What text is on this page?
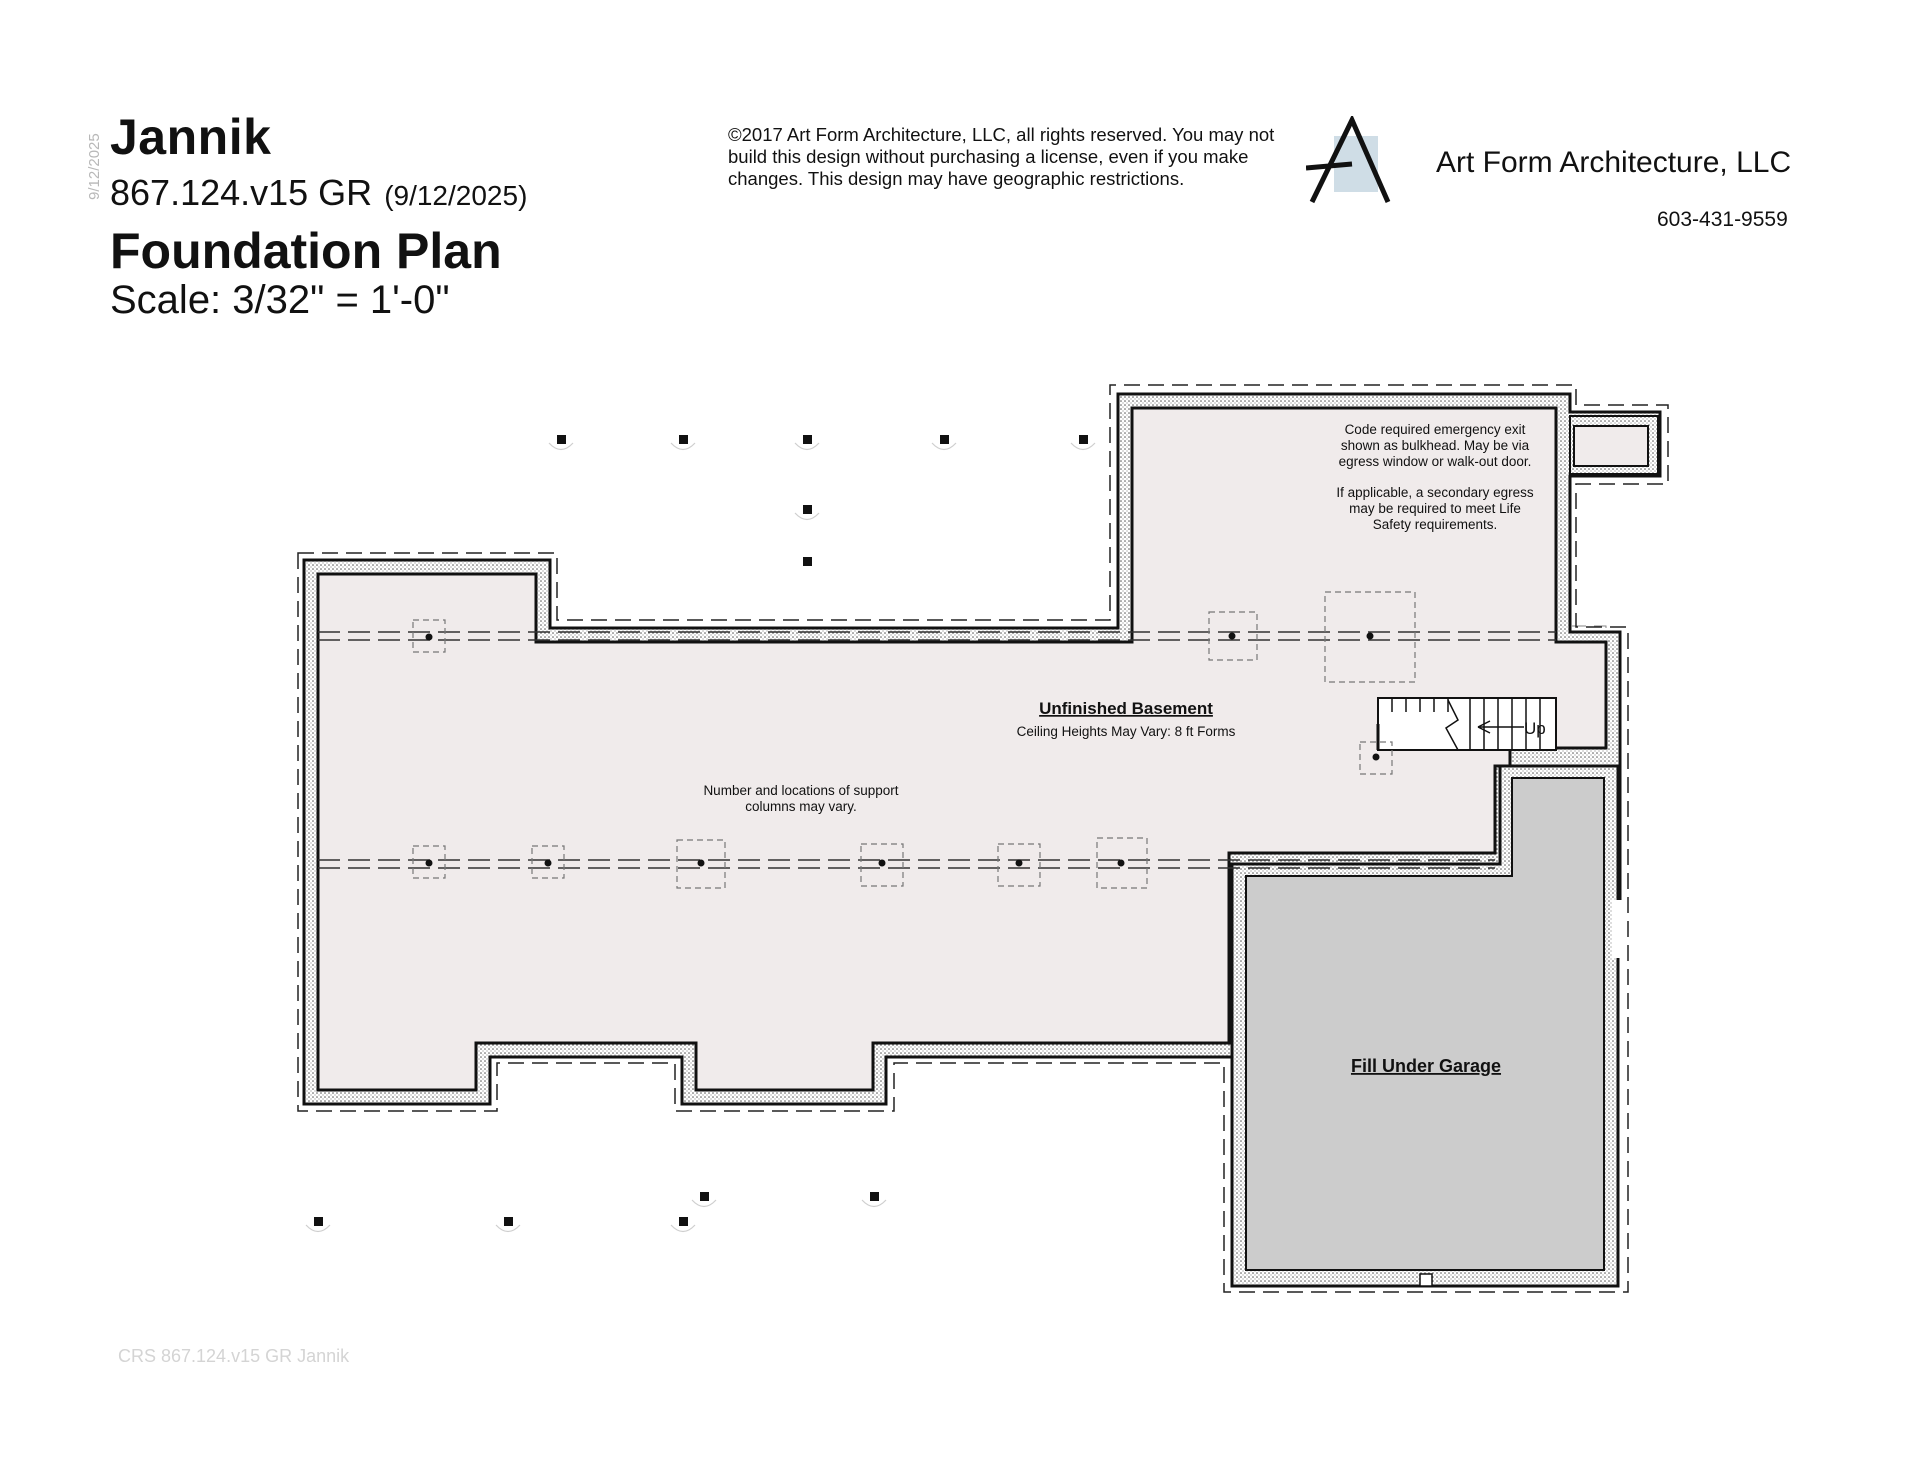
9/12/2025 Jannik
867.124.v15 GR (9/12/2025)
Foundation Plan
Scale: 3/32" = 1'-0"
©2017 Art Form Architecture, LLC, all rights reserved. You may not build this design without purchasing a license, even if you make changes. This design may have geographic restrictions.	Art Form Architecture, LLC
603-431-9559
Up
Code required emergency exit
shown as bulkhead. May be via
egress window or walk-out door.
If applicable, a secondary egress
may be required to meet Life
Safety requirements.
Unfinished Basement
Ceiling Heights May Vary: 8 ft Forms
Number and locations of support
columns may vary.
Fill Under Garage
CRS 867.124.v15 GR Jannik
